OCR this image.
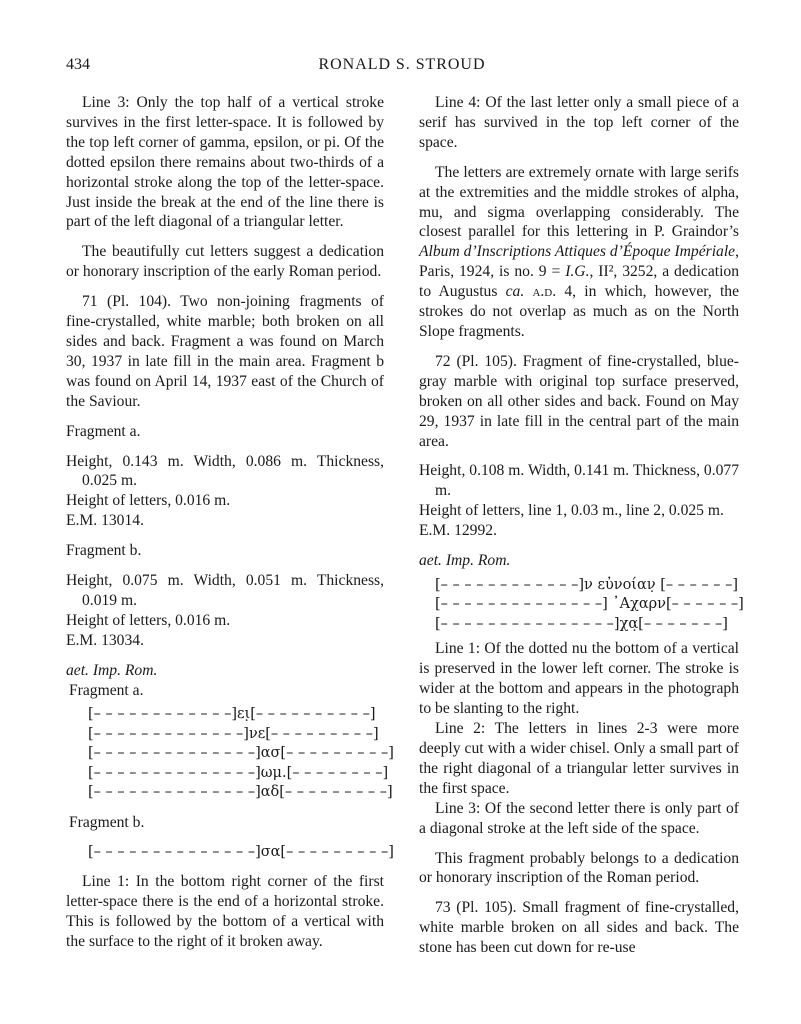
434	RONALD S. STROUD

Line 3: Only the top half of a vertical stroke survives in the first letter-space. It is followed by the top left corner of gamma, epsilon, or pi. Of the dotted epsilon there remains about two-thirds of a horizontal stroke along the top of the letter-space. Just inside the break at the end of the line there is part of the left diagonal of a triangular letter.

The beautifully cut letters suggest a dedication or honorary inscription of the early Roman period.

71 (Pl. 104). Two non-joining fragments of fine-crystalled, white marble; both broken on all sides and back. Fragment a was found on March 30, 1937 in late fill in the main area. Fragment b was found on April 14, 1937 east of the Church of the Saviour.

Fragment a.

Height, 0.143 m. Width, 0.086 m. Thickness, 0.025 m.

Height of letters, 0.016 m.

E.M. 13014.

Fragment b.

Height, 0.075 m. Width, 0.051 m. Thickness, 0.019 m.

Height of letters, 0.016 m.

E.M. 13034.

aet. Imp. Rom.

Fragment a.

[– – – – – – – – – – – –]ει̣[– – – – – – – – – –]

[– – – – – – – – – – – – –]νε[– – – – – – – – –]

[– – – – – – – – – – – – – –]ασ[– – – – – – – – –]

[– – – – – – – – – – – – – –]ωμ.[– – – – – – – –]

[– – – – – – – – – – – – – –]αδ[– – – – – – – – –]

Fragment b.

[– – – – – – – – – – – – – –]σα[– – – – – – – – –]

Line 1: In the bottom right corner of the first letter-space there is the end of a horizontal stroke. This is followed by the bottom of a vertical with the surface to the right of it broken away.

Line 4: Of the last letter only a small piece of a serif has survived in the top left corner of the space.

The letters are extremely ornate with large serifs at the extremities and the middle strokes of alpha, mu, and sigma overlapping considerably. The closest parallel for this lettering in P. Graindor’s Album d’Inscriptions Attiques d’Époque Impériale, Paris, 1924, is no. 9 = I.G., II², 3252, a dedication to Augustus ca. a.d. 4, in which, however, the strokes do not overlap as much as on the North Slope fragments.

72 (Pl. 105). Fragment of fine-crystalled, blue-gray marble with original top surface preserved, broken on all other sides and back. Found on May 29, 1937 in late fill in the central part of the main area.

Height, 0.108 m. Width, 0.141 m. Thickness, 0.077 m.

Height of letters, line 1, 0.03 m., line 2, 0.025 m.

E.M. 12992.

aet. Imp. Rom.

[– – – – – – – – – – – –]ν εὐνοίαν̣ [– – – – – –]

[– – – – – – – – – – – – – –] ᾿Αχαρν[– – – – – –]

[– – – – – – – – – – – – – – –]χα̣[– – – – – – –]

Line 1: Of the dotted nu the bottom of a vertical is preserved in the lower left corner. The stroke is wider at the bottom and appears in the photograph to be slanting to the right.

Line 2: The letters in lines 2-3 were more deeply cut with a wider chisel. Only a small part of the right diagonal of a triangular letter survives in the first space.

Line 3: Of the second letter there is only part of a diagonal stroke at the left side of the space.

This fragment probably belongs to a dedication or honorary inscription of the Roman period.

73 (Pl. 105). Small fragment of fine-crystalled, white marble broken on all sides and back. The stone has been cut down for re-use
